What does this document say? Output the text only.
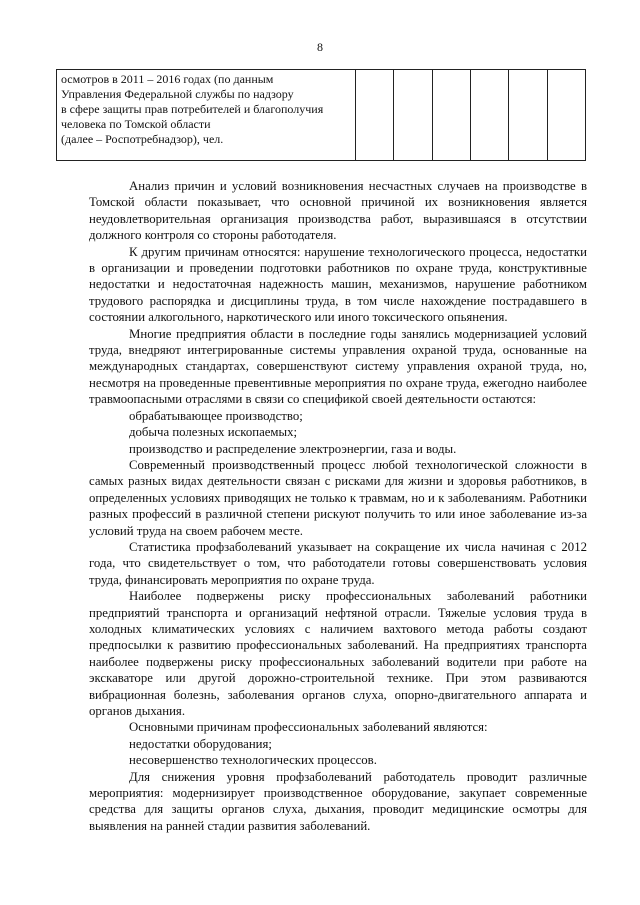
8
осмотров в 2011 – 2016 годах (по данным
Управления Федеральной службы по надзору
в сфере защиты прав потребителей и благополучия
человека по Томской области
(далее – Роспотребнадзор), чел.

Анализ причин и условий возникновения несчастных случаев на производстве в Томской области показывает, что основной причиной их возникновения является неудовлетворительная организация производства работ, выразившаяся в отсутствии должного контроля со стороны работодателя.

К другим причинам относятся: нарушение технологического процесса, недостатки в организации и проведении подготовки работников по охране труда, конструктивные недостатки и недостаточная надежность машин, механизмов, нарушение работником трудового распорядка и дисциплины труда, в том числе нахождение пострадавшего в состоянии алкогольного, наркотического или иного токсического опьянения.

Многие предприятия области в последние годы занялись модернизацией условий труда, внедряют интегрированные системы управления охраной труда, основанные на международных стандартах, совершенствуют систему управления охраной труда, но, несмотря на проведенные превентивные мероприятия по охране труда, ежегодно наиболее травмоопасными отраслями в связи со спецификой своей деятельности остаются:

обрабатывающее производство;

добыча полезных ископаемых;

производство и распределение электроэнергии, газа и воды.

Современный производственный процесс любой технологической сложности в самых разных видах деятельности связан с рисками для жизни и здоровья работников, в определенных условиях приводящих не только к травмам, но и к заболеваниям. Работники разных профессий в различной степени рискуют получить то или иное заболевание из-за условий труда на своем рабочем месте.

Статистика профзаболеваний указывает на сокращение их числа начиная с 2012 года, что свидетельствует о том, что работодатели готовы совершенствовать условия труда, финансировать мероприятия по охране труда.

Наиболее подвержены риску профессиональных заболеваний работники предприятий транспорта и организаций нефтяной отрасли. Тяжелые условия труда в холодных климатических условиях с наличием вахтового метода работы создают предпосылки к развитию профессиональных заболеваний. На предприятиях транспорта наиболее подвержены риску профессиональных заболеваний водители при работе на экскаваторе или другой дорожно-строительной технике. При этом развиваются вибрационная болезнь, заболевания органов слуха, опорно-двигательного аппарата и органов дыхания.

Основными причинам профессиональных заболеваний являются:

недостатки оборудования;

несовершенство технологических процессов.

Для снижения уровня профзаболеваний работодатель проводит различные мероприятия: модернизирует производственное оборудование, закупает современные средства для защиты органов слуха, дыхания, проводит медицинские осмотры для выявления на ранней стадии развития заболеваний.
